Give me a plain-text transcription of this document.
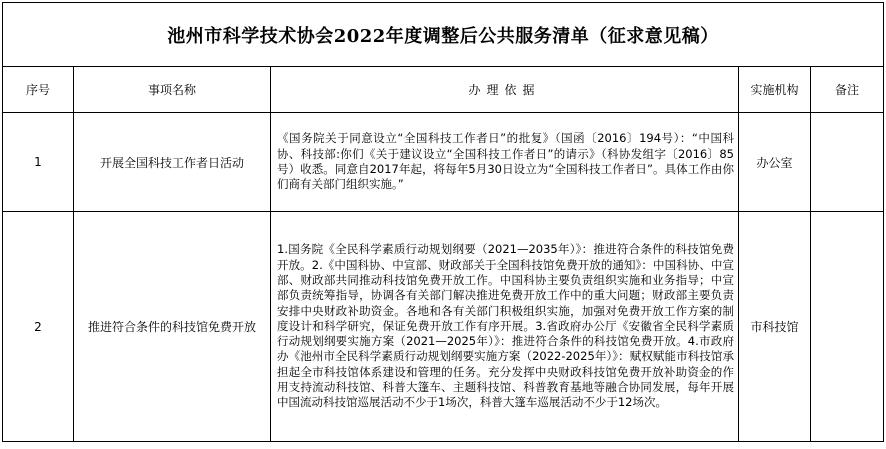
池州市科学技术协会2022年度调整后公共服务清单（征求意见稿）				
序号	事项名称	办理依据	实施机构	备注
1	开展全国科技工作者日活动	《国务院关于同意设立“全国科技工作者日”的批复》（国函〔2016〕194号）：“中国科协、科技部:你们《关于建议设立“全国科技工作者日”的请示》（科协发组字〔2016〕85号）收悉。同意自2017年起，将每年5月30日设立为“全国科技工作者日”。具体工作由你们商有关部门组织实施。”	办公室	
2	推进符合条件的科技馆免费开放	1.国务院《全民科学素质行动规划纲要（2021—2035年）》：推进符合条件的科技馆免费开放。2.《中国科协、中宣部、财政部关于全国科技馆免费开放的通知》：中国科协、中宣部、财政部共同推动科技馆免费开放工作。中国科协主要负责组织实施和业务指导；中宣部负责统筹指导，协调各有关部门解决推进免费开放工作中的重大问题；财政部主要负责安排中央财政补助资金。各地和各有关部门积极组织实施，加强对免费开放工作方案的制度设计和科学研究，保证免费开放工作有序开展。3.省政府办公厅《安徽省全民科学素质行动规划纲要实施方案（2021—2025年）》：推进符合条件的科技馆免费开放。4.市政府办《池州市全民科学素质行动规划纲要实施方案（2022-2025年）》：赋权赋能市科技馆承担起全市科技馆体系建设和管理的任务。充分发挥中央财政科技馆免费开放补助资金的作用支持流动科技馆、科普大篷车、主题科技馆、科普教育基地等融合协同发展，每年开展中国流动科技馆巡展活动不少于1场次，科普大篷车巡展活动不少于12场次。	市科技馆	
